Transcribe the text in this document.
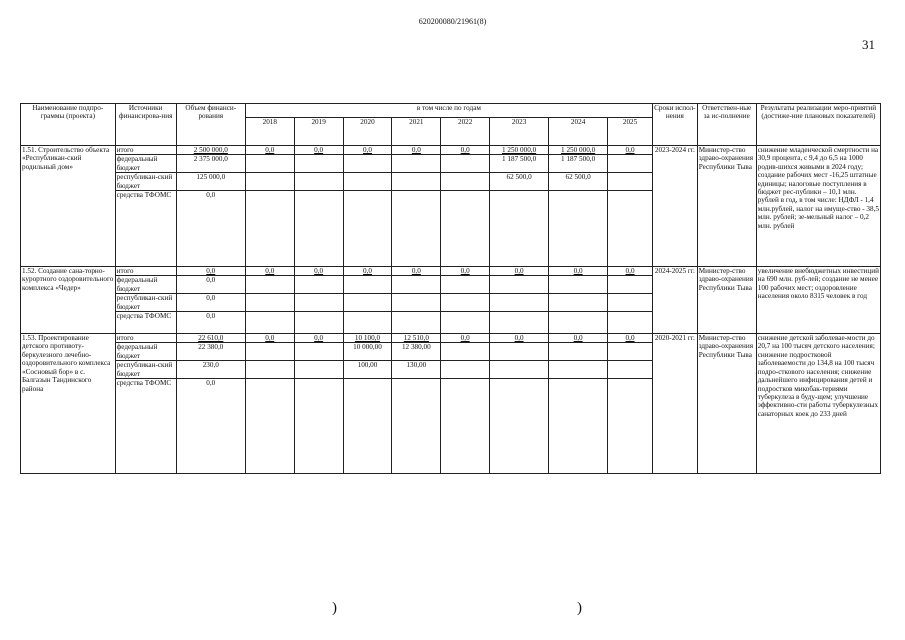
620200080/21961(8)
31
Наименование подпро-граммы (проекта)	Источники финансирова-ния	Объем финанси-рования	в том числе по годам								Сроки испол-нения	Ответствен-ные за ис-полнение	Результаты реализации меро-приятий (достиже-ние плановых показателей)
			2018	2019	2020	2021	2022	2023	2024	2025			
1.51. Строительство объекта «Республикан-ский родильный дом»	итого	2 500 000,0	0,0	0,0	0,0	0,0	0,0	1 250 000,0	1 250 000,0	0,0	2023-2024 гг.	Министер-ство здраво-охранения Республики Тыва	снижение младенческой смертности на 30,9 процента, с 9,4 до 6,5 на 1000 родив-шихся живыми в 2024 году; создание рабочих мест -16,25 штатные единицы; налоговые поступления в бюджет рес-публики – 10,1 млн. рублей в год, в том числе: НДФЛ - 1,4 млн.рублей, налог на имуще-ство - 38,5 млн. рублей; зе-мельный налог – 0,2 млн. рублей
	федеральный бюджет	2 375 000,0						1 187 500,0	1 187 500,0				
	республикан-ский бюджет	125 000,0						62 500,0	62 500,0				
	средства ТФОМС	0,0											
1.52. Создание сана-торно-курортного оздоровительного комплекса «Чедер»	итого	0,0	0,0	0,0	0,0	0,0	0,0	0,0	0,0	0,0	2024-2025 гг.	Министер-ство здраво-охранения Республики Тыва	увеличение внебюджетных инвестиций на 690 млн. руб-лей; создание не менее 100 рабочих мест; оздоровление населения около 8315 человек в год
	федеральный бюджет	0,0											
	республикан-ский бюджет	0,0											
	средства ТФОМС	0,0											
1.53. Проектирование детского противоту-беркулезного лечебно-оздоровительного комплекса «Сосновый бор» в с. Балгазын Тандинского района	итого	22 610,0	0,0	0,0	10 100,0	12 510,0	0,0	0,0	0,0	0,0	2020-2021 гг.	Министер-ство здраво-охранения Республики Тыва	снижение детской заболевае-мости до 20,7 на 100 тысяч детского населения; снижение подростковой заболеваемости до 134,8 на 100 тысяч подро-сткового населения; снижение дальнейшего инфицирования детей и подростков микобак-териями туберкулеза в буду-щем; улучшение эффективно-сти работы туберкулезных санаторных коек до 233 дней
	федеральный бюджет	22 380,0			10 000,00	12 380,00							
	республикан-ский бюджет	230,0			100,00	130,00							
	средства ТФОМС	0,0											
)	)
